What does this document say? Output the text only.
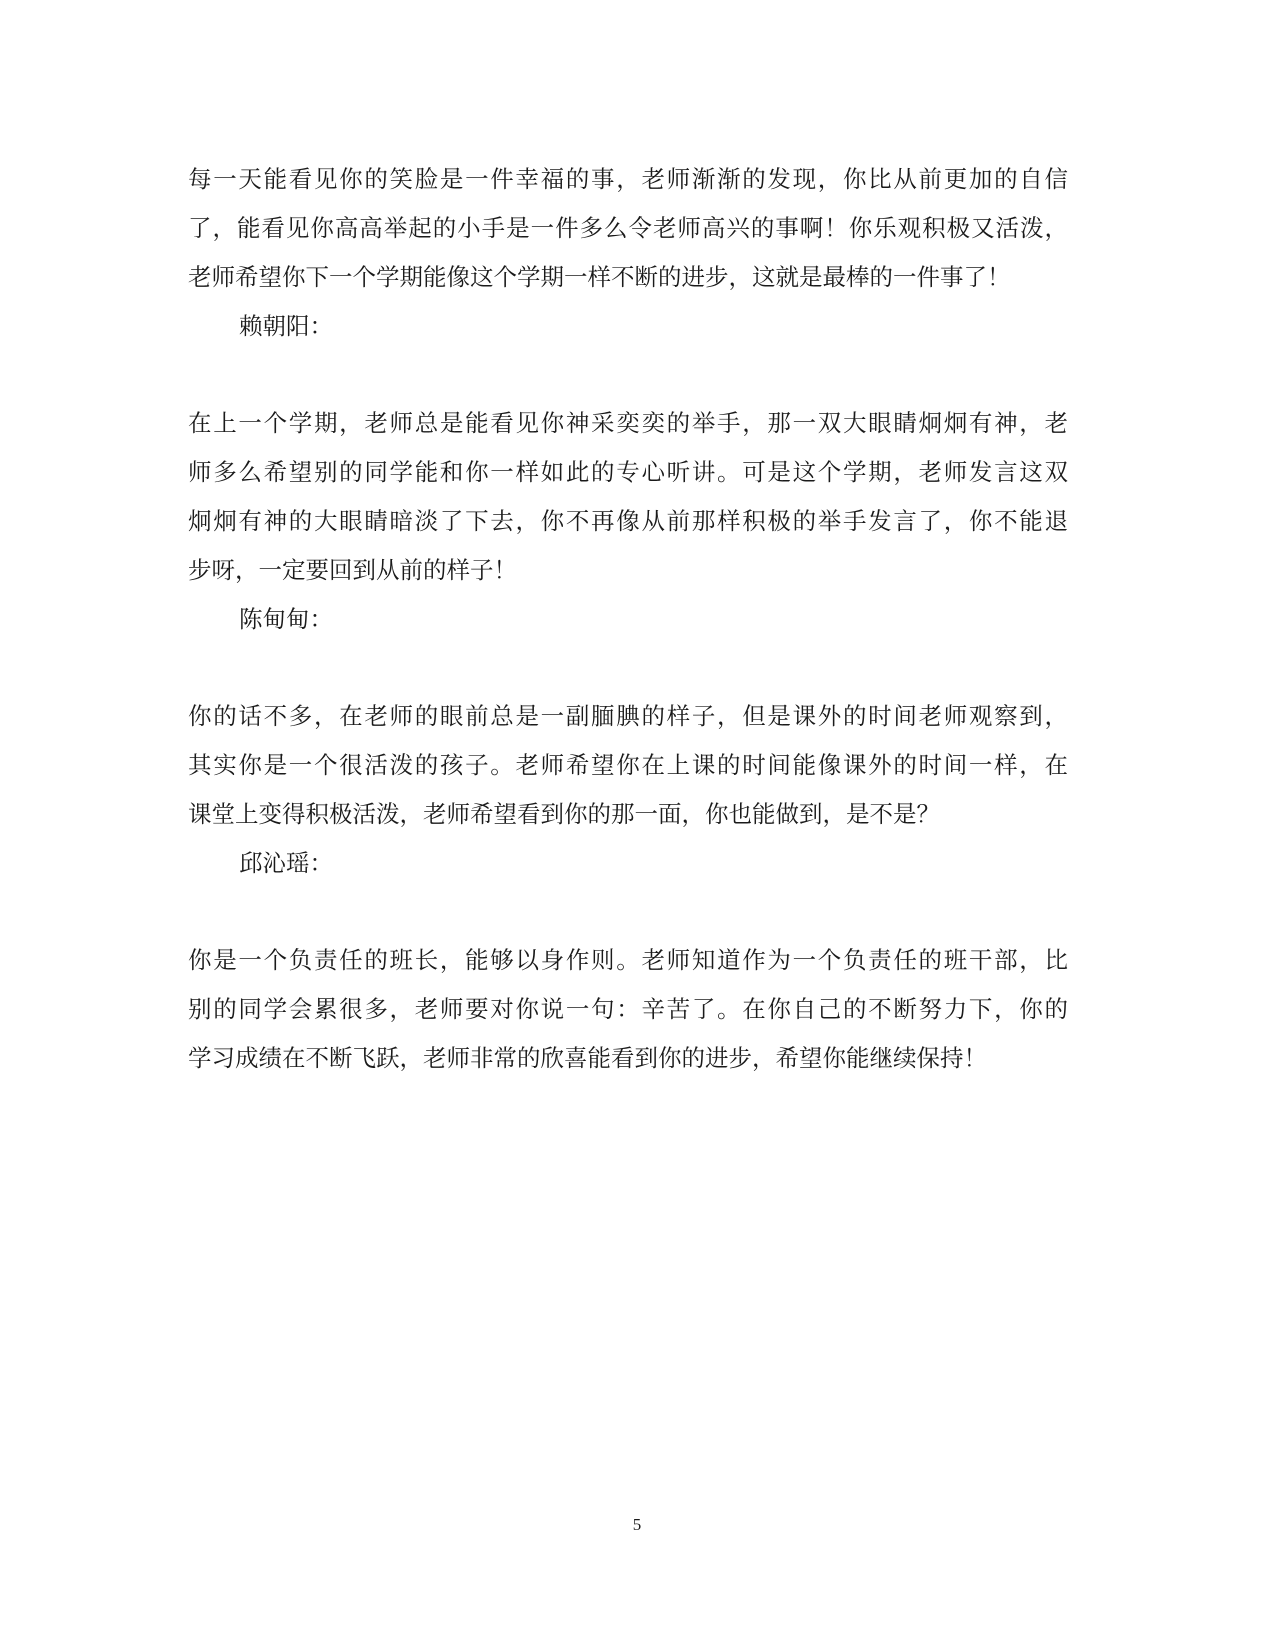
每一天能看见你的笑脸是一件幸福的事，老师渐渐的发现，你比从前更加的自信
了，能看见你高高举起的小手是一件多么令老师高兴的事啊！你乐观积极又活泼，
老师希望你下一个学期能像这个学期一样不断的进步，这就是最棒的一件事了！
赖朝阳：
在上一个学期，老师总是能看见你神采奕奕的举手，那一双大眼睛炯炯有神，老
师多么希望别的同学能和你一样如此的专心听讲。可是这个学期，老师发言这双
炯炯有神的大眼睛暗淡了下去，你不再像从前那样积极的举手发言了，你不能退
步呀，一定要回到从前的样子！
陈甸甸：
你的话不多，在老师的眼前总是一副腼腆的样子，但是课外的时间老师观察到，
其实你是一个很活泼的孩子。老师希望你在上课的时间能像课外的时间一样，在
课堂上变得积极活泼，老师希望看到你的那一面，你也能做到，是不是？
邱沁瑶：
你是一个负责任的班长，能够以身作则。老师知道作为一个负责任的班干部，比
别的同学会累很多，老师要对你说一句：辛苦了。在你自己的不断努力下，你的
学习成绩在不断飞跃，老师非常的欣喜能看到你的进步，希望你能继续保持！
5
